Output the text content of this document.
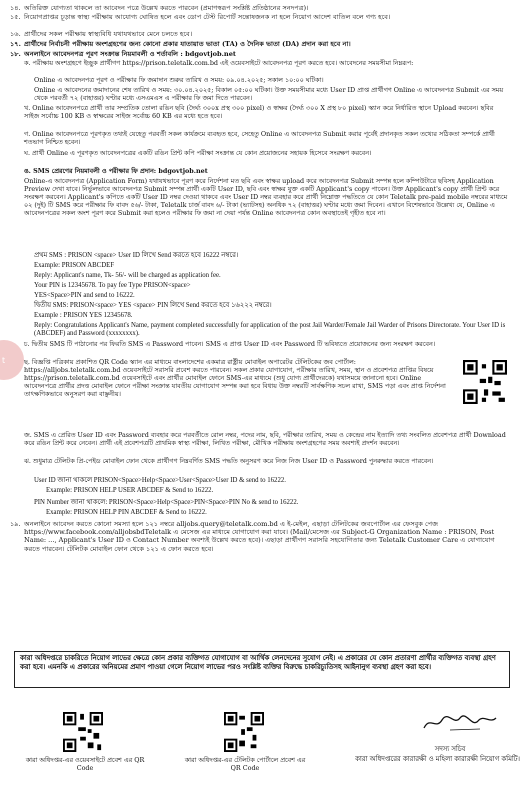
t
১৪. অতিরিক্ত যোগ্যতা থাকলে তা আবেদন পত্রে উল্লেখ করতে পারবেন (প্রমাণস্বরূপ সংশ্লিষ্ট প্রতিষ্ঠানের সনদপত্র)।
১৫. নিয়োগপ্রাপ্তর চূড়ান্ত স্বাস্থ্য পরীক্ষায় আযোগ্য ঘোষিত হলে এবং ডোপ টেস্ট রিপোর্ট সন্তোষজনক না হলে নিয়োগ আদেশ বাতিল বলে গণ্য হবে।
১৬. প্রার্থীদের সকল পরীক্ষায় স্বাস্থ্যবিধি যথাযথভাবে মেনে চলতে হবে।
১৭. প্রার্থীদের নির্বাচনী পরীক্ষায় অংশগ্রহণের জন্য কোনো প্রকার যাতায়াত ভাতা (TA) ও দৈনিক ভাতা (DA) প্রদান করা হবে না।
১৮. অনলাইনে আবেদনপত্র পূরণ সংক্রান্ত নিয়মাবলী ও শর্তাবলি : bdgovtjob.net
ক. পরীক্ষায় অংশগ্রহণে ইচ্ছুক প্রার্থীগণ https://prison.teletalk.com.bd এই ওয়েবসাইটে আবেদনপত্র পূরণ করতে হবে। আবেদনের সময়সীমা নিম্নরূপ:
Online এ আবেদনপত্র পূরণ ও পরীক্ষার ফি জমাদান শুরুর তারিখ ও সময়: ০৯.০৪.২০২৫; সকাল ১০:০০ ঘটিকা।
Online এ আবেদনের জমাদানের শেষ তারিখ ও সময়: ৩০.০৪.২০২৫; বিকাল ০৫:০০ ঘটিকা। উক্ত সময়সীমার মধ্যে User ID প্রাপ্ত প্রার্থীগণ Online এ আবেদনপত্র Submit এর সময় থেকে পরবর্তী ৭২ (বাহাত্তর) ঘণ্টার মধ্যে এসএমএস এ পরীক্ষার ফি জমা দিতে পারবেন।
খ. Online আবেদনপত্রে প্রার্থী তার সম্প্রতিক তোলা রঙিন ছবি (দৈর্ঘ্য ৩০০x প্রস্থ ৩০০ pixel) ও স্বাক্ষর (দৈর্ঘ্য ৩০০ X প্রস্থ ৮০ pixel) স্ক্যান করে নির্ধারিত স্থানে Upload করবেন। ছবির সাইজ সর্বোচ্চ 100 KB ও স্বাক্ষরের সাইজ সর্বোচ্চ 60 KB এর মধ্যে হতে হবে।
গ. Online আবেদনপত্রে পূরণকৃত তথ্যই যেহেতু পরবর্তী সকল কার্যক্রমে ব্যবহৃত হবে, সেহেতু Online এ আবেদনপত্র Submit করার পূর্বেই প্রদানকৃত সকল তথ্যের সঠিকতা সম্পর্কে প্রার্থী শতভাগ নিশ্চিত হবেন।
ঘ. প্রার্থী Online এ পূরণকৃত আবেদনপত্রের একটি রঙিন প্রিন্ট কপি পরীক্ষা সংক্রান্ত যে কোন প্রয়োজনের সহায়ক হিসেবে সংরক্ষণ করবেন।
ঙ. SMS প্রেরণের নিয়মাবলী ও পরীক্ষার ফি প্রদান: bdgovtjob.net
Online-এ আবেদনপত্র (Application Form) যথাযথভাবে পূরণ করে নির্দেশনা মত ছবি এবং স্বাক্ষর upload করে আবেদনপত্র Submit সম্পন্ন হলে কম্পিউটারে ছবিসহ Application Preview দেখা যাবে। নির্ভুলভাবে আবেদনপত্র Submit সম্পন্ন প্রার্থী একটি User ID, ছবি এবং স্বাক্ষর যুক্ত একটি Applicant's copy পাবেন। উক্ত Applicant's copy প্রার্থী প্রিন্ট করে সংরক্ষণ করবেন। Applicant's কপিতে একটি User ID নম্বর দেওয়া থাকবে এবং User ID নম্বর ব্যবহার করে প্রার্থী নিম্নোক্ত পদ্ধতিতে যে কোন Teletalk pre-paid mobile নম্বরের মাধ্যমে ০২ (দুই) টি SMS করে পরীক্ষার ফি বাবদ ৫৬/- টাকা, Teletalk চার্জ বাবদ ৬/- টাকা (ভ্যাটসহ) অনধিক ৭২ (বাহাত্তর) ঘণ্টার মধ্যে জমা দিবেন। এখানে বিশেষভাবে উল্লেখ্য যে, Online এ আবেদনপত্রের সকল অংশ পূরণ করে Submit করা হলেও পরীক্ষার ফি জমা না দেয়া পর্যন্ত Online আবেদনপত্র কোন অবস্থাতেই গৃহীত হবে না।
প্রথম SMS : PRISON <space> User ID লিখে Send করতে হবে 16222 নম্বরে।
Example: PRISON ABCDEF
Reply: Applicant's name, Tk- 56/- will be charged as application fee.
Your PIN is 12345678. To pay fee Type PRISON<space>
YES<Space>PIN and send to 16222.
দ্বিতীয় SMS: PRISON<space> YES <space> PIN লিখে Send করতে হবে ১৬২২২ নম্বরে।
Example : PRISON YES 12345678.
Reply: Congratulations Applicant's Name, payment completed successfully for application of the post Jail Warder/Female Jail Warder of Prisons Directorate. Your User ID is (ABCDEF) and Password (xxxxxxxx).
চ. দ্বিতীয় SMS টি পাঠানোর পর ফিরতি SMS এ Password পাবেন। SMS এ প্রাপ্ত User ID এবং Password টি ভবিষ্যতে প্রয়োজনের জন্য সংরক্ষণ করবেন।
ছ. বিজ্ঞপ্তি পত্রিকায় প্রকাশিত QR Code স্ক্যান এর মাধ্যমে বাংলাদেশের একমাত্র রাষ্ট্রীয় মোবাইল অপারেটর টেলিটকের জব পোর্টাল: https://alljobs.teletalk.com.bd ওয়েবসাইটে সরাসরি প্রবেশ করতে পারবেন। সকল প্রকার যোগাযোগ, পরীক্ষার তারিখ, সময়, স্থান ও প্রবেশপত্র প্রাপ্তির বিষয়ে https://prison.teletalk.com.bd ওয়েবসাইটে এবং প্রার্থীর মোবাইল ফোনে SMS-এর মাধ্যমে (শুধু যোগ্য প্রার্থীদেরকে) যথাসময়ে জানানো হবে। Online আবেদনপত্রে প্রার্থীর প্রদত্ত মোবাইল ফোনে পরীক্ষা সংক্রান্ত যাবতীয় যোগাযোগ সম্পন্ন করা হবে বিধায় উক্ত নম্বরটি সার্বক্ষণিক সচল রাখা, SMS পড়া এবং প্রাপ্ত নির্দেশনা তাৎক্ষণিকভাবে অনুসরণ করা বাঞ্ছনীয়।
জ. SMS এ প্রেরিত User ID এবং Password ব্যবহার করে পরবর্তীতে রোল নম্বর, পদের নাম, ছবি, পরীক্ষার তারিখ, সময় ও কেন্দ্রের নাম ইত্যাদি তথ্য সংবলিত প্রবেশপত্র প্রার্থী Download করে রঙিন প্রিন্ট করে নেবেন। প্রার্থী এই প্রবেশপত্রটি প্রাথমিক স্বাস্থ্য পরীক্ষা, লিখিত পরীক্ষা, মৌখিক পরীক্ষায় অংশগ্রহণের সময় অবশ্যই প্রদর্শন করবেন।
ঝ. শুধুমাত্র টেলিটক প্রি-পেইড মোবাইল ফোন থেকে প্রার্থীগণ নিম্নবর্ণিত SMS পদ্ধতি অনুসরণ করে নিজ নিজ User ID ও Password পুনরুদ্ধার করতে পারবেন।
User ID জানা থাকলে PRISON<Space>Help<Space>User<Space>User ID & send to 16222.
Example: PRISON HELP USER ABCDEF & Send to 16222.
PIN Number জানা থাকলে: PRISON<Space>Help<Space>PIN<Space>PIN No & send to 16222.
Example: PRISON HELP PIN ABCDEF & Send to 16222.
১৯. অনলাইনে আবেদন করতে কোনো সমস্যা হলে ১২১ নম্বরে alljobs.query@teletalk.com.bd এ ই-মেইল, এছাড়া টেলিটকের জবপোর্টাল এর ফেসবুক পেজ https://www.facebook.com/alljobsbdTeletalk এ মেসেজ এর মাধ্যমে যোগাযোগ করা যাবে। (Mail/মেসেজ এর Subject-G Organization Name : PRISON, Post Name: ..., Applicant's User ID ও Contact Number অবশ্যই উল্লেখ করতে হবে)। এছাড়া প্রার্থীগণ সরাসরি সহযোগিতার জন্য Teletalk Customer Care এ যোগাযোগ করতে পারবেন। টেলিটক মোবাইল ফোন থেকে ১২১ এ ফোন করতে হবে।
কারা অধিদপ্তরে চাকরিতে নিয়োগ লাভের ক্ষেত্রে কোন প্রকার ব্যক্তিগত যোগাযোগ বা আর্থিক লেনদেনের সুযোগ নেই। এ প্রকারের যে কোন প্রতারণা প্রার্থীর ব্যক্তিগত ব্যবস্থা গ্রহণ করা হবে। এমনকি এ প্রকারের অনিয়মের প্রমাণ পাওয়া গেলে নিয়োগ লাভের পরও সংশ্লিষ্ট ব্যক্তির বিরুদ্ধে চাকরিচ্যুতিসহ আইনানুগ ব্যবস্থা গ্রহণ করা হবে।
কারা অধিদপ্তর-এর ওয়েবসাইটে প্রবেশ এর QR Code
কারা অধিদপ্তর-এর টেলিটক পোর্টালে প্রবেশ এর QR Code
সদস্য সচিব
কারা অধিদপ্তরের কারারক্ষী ও মহিলা কারারক্ষী নিয়োগ কমিটি।
